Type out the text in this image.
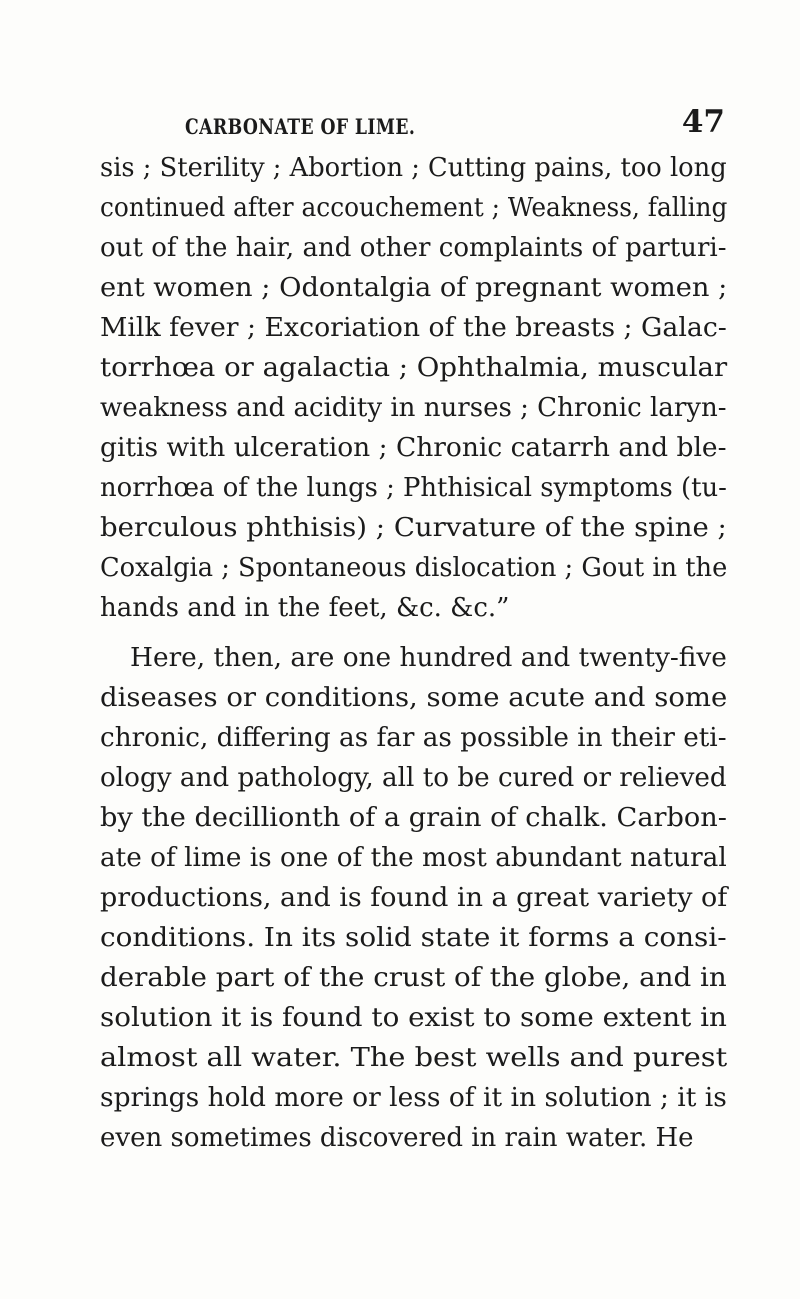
CARBONATE OF LIME.	47
sis ; Sterility ; Abortion ; Cutting pains, too long
continued after accouchement ; Weakness, falling
out of the hair, and other complaints of parturi-
ent women ; Odontalgia of pregnant women ;
Milk fever ; Excoriation of the breasts ; Galac-
torrhœa or agalactia ; Ophthalmia, muscular
weakness and acidity in nurses ; Chronic laryn-
gitis with ulceration ; Chronic catarrh and ble-
norrhœa of the lungs ; Phthisical symptoms (tu-
berculous phthisis) ; Curvature of the spine ;
Coxalgia ; Spontaneous dislocation ; Gout in the
hands and in the feet, &c. &c.”
Here, then, are one hundred and twenty-five
diseases or conditions, some acute and some
chronic, differing as far as possible in their eti-
ology and pathology, all to be cured or relieved
by the decillionth of a grain of chalk. Carbon-
ate of lime is one of the most abundant natural
productions, and is found in a great variety of
conditions. In its solid state it forms a consi-
derable part of the crust of the globe, and in
solution it is found to exist to some extent in
almost all water. The best wells and purest
springs hold more or less of it in solution ; it is
even sometimes discovered in rain water. He
